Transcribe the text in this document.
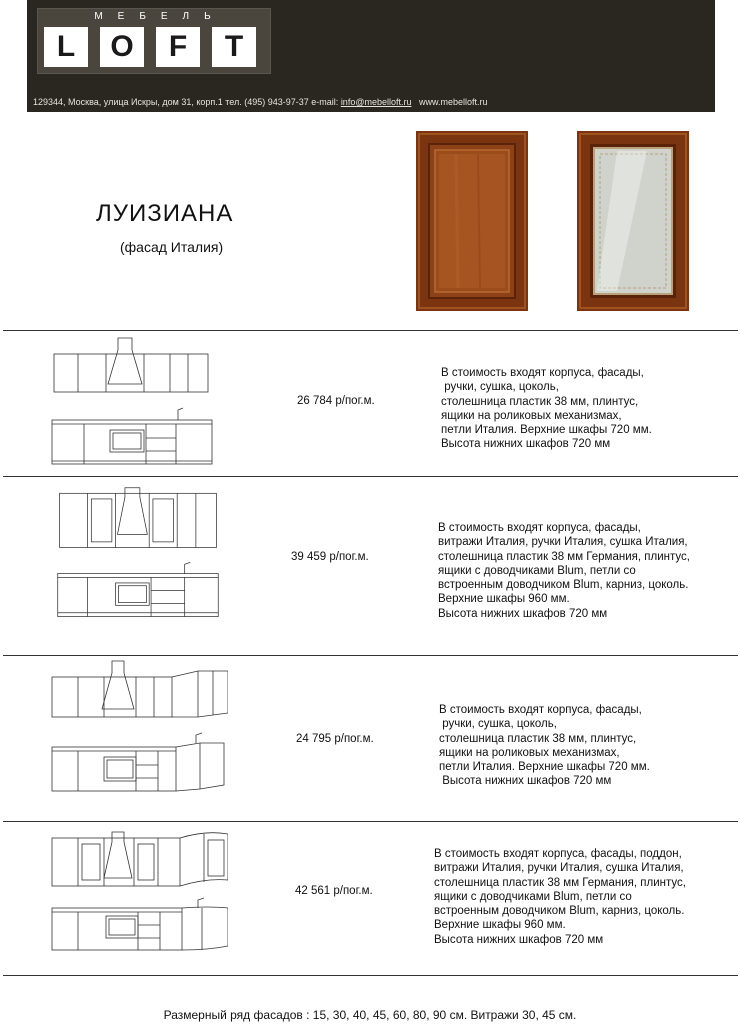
МЕБЕЛЬ
L	O	F	T
129344, Москва, улица Искры, дом 31, корп.1 тел. (495) 943-97-37 e-mail: info@mebelloft.ru www.mebelloft.ru
ЛУИЗИАНА
(фасад Италия)
26 784 р/пог.м.
В стоимость входят корпуса, фасады,
ручки, сушка, цоколь,
столешница пластик 38 мм, плинтус,
ящики на роликовых механизмах,
петли Италия. Верхние шкафы 720 мм.
Высота нижних шкафов 720 мм
39 459 р/пог.м.
В стоимость входят корпуса, фасады,
витражи Италия, ручки Италия, сушка Италия,
столешница пластик 38 мм Германия, плинтус,
ящики с доводчиками Blum, петли со
встроенным доводчиком Blum, карниз, цоколь.
Верхние шкафы 960 мм.
Высота нижних шкафов 720 мм
24 795 р/пог.м.
В стоимость входят корпуса, фасады,
ручки, сушка, цоколь,
столешница пластик 38 мм, плинтус,
ящики на роликовых механизмах,
петли Италия. Верхние шкафы 720 мм.
Высота нижних шкафов 720 мм
42 561 р/пог.м.
В стоимость входят корпуса, фасады, поддон,
витражи Италия, ручки Италия, сушка Италия,
столешница пластик 38 мм Германия, плинтус,
ящики с доводчиками Blum, петли со
встроенным доводчиком Blum, карниз, цоколь.
Верхние шкафы 960 мм.
Высота нижних шкафов 720 мм
Размерный ряд фасадов : 15, 30, 40, 45, 60, 80, 90 см. Витражи 30, 45 см.
